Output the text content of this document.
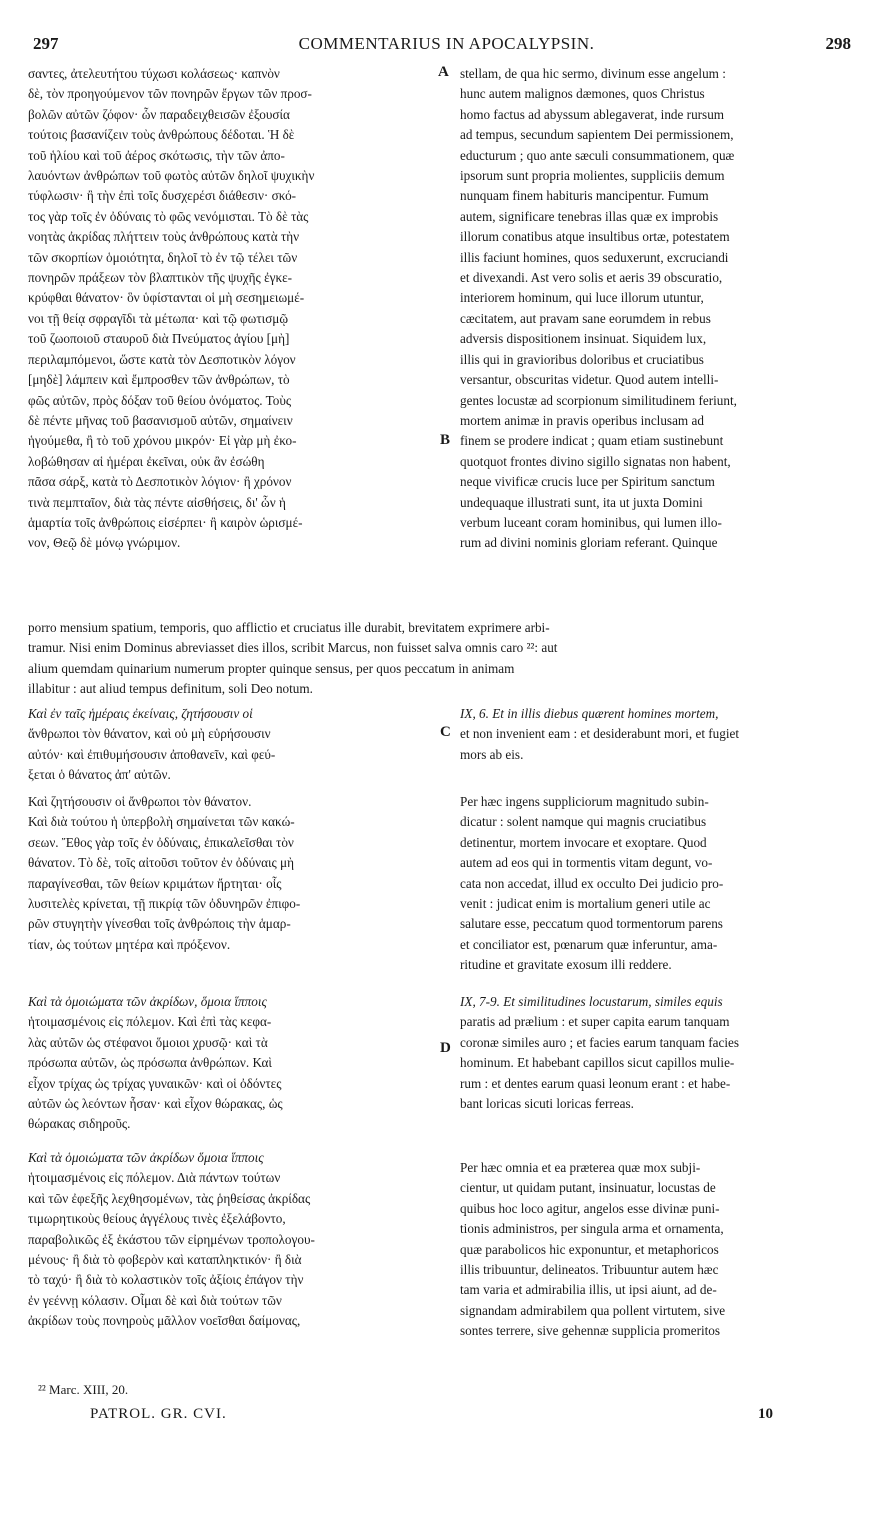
297	COMMENTARIUS IN APOCALYPSIN.	298
σαντες, ἀτελευτήτου τύχωσι κολάσεως· καπνὸν
δὲ, τὸν προηγούμενον τῶν πονηρῶν ἔργων τῶν προσ-
βολῶν αὐτῶν ζόφον· ὧν παραδειχθεισῶν ἐξουσία
τούτοις βασανίζειν τοὺς ἀνθρώπους δέδοται. Ἡ δὲ
τοῦ ἡλίου καὶ τοῦ ἀέρος σκότωσις, τὴν τῶν ἀπο-
λαυόντων ἀνθρώπων τοῦ φωτὸς αὐτῶν δηλοῖ ψυχικὴν
τύφλωσιν· ἢ τὴν ἐπὶ τοῖς δυσχερέσι διάθεσιν· σκό-
τος γὰρ τοῖς ἐν ὀδύναις τὸ φῶς νενόμισται. Τὸ δὲ τὰς
νοητὰς ἀκρίδας πλήττειν τοὺς ἀνθρώπους κατὰ τὴν
τῶν σκορπίων ὁμοιότητα, δηλοῖ τὸ ἐν τῷ τέλει τῶν
πονηρῶν πράξεων τὸν βλαπτικὸν τῆς ψυχῆς ἐγκε-
κρύφθαι θάνατον· ὃν ὑφίστανται οἱ μὴ σεσημειωμέ-
νοι τῇ θείᾳ σφραγῖδι τὰ μέτωπα· καὶ τῷ φωτισμῷ
τοῦ ζωοποιοῦ σταυροῦ διὰ Πνεύματος ἁγίου [μὴ]
περιλαμπόμενοι, ὥστε κατὰ τὸν Δεσποτικὸν λόγον
[μηδὲ] λάμπειν καὶ ἔμπροσθεν τῶν ἀνθρώπων, τὸ
φῶς αὐτῶν, πρὸς δόξαν τοῦ θείου ὀνόματος. Τοὺς
δὲ πέντε μῆνας τοῦ βασανισμοῦ αὐτῶν, σημαίνειν
ἡγούμεθα, ἢ τὸ τοῦ χρόνου μικρόν· Εἰ γὰρ μὴ ἐκο-
λοβώθησαν αἱ ἡμέραι ἐκεῖναι, οὐκ ἂν ἐσώθη
πᾶσα σάρξ, κατὰ τὸ Δεσποτικὸν λόγιον· ἢ χρόνον
τινὰ πεμπταῖον, διὰ τὰς πέντε αἰσθήσεις, δι' ὧν ἡ
ἁμαρτία τοῖς ἀνθρώποις εἰσέρπει· ἢ καιρὸν ὡρισμέ-
νον, Θεῷ δὲ μόνῳ γνώριμον.
stellam, de qua hic sermo, divinum esse angelum :
hunc autem malignos dæmones, quos Christus
homo factus ad abyssum ablegaverat, inde rursum
ad tempus, secundum sapientem Dei permissionem,
educturum ; quo ante sæculi consummationem, quæ
ipsorum sunt propria molientes, suppliciis demum
nunquam finem habituris mancipentur. Fumum
autem, significare tenebras illas quæ ex improbis
illorum conatibus atque insultibus ortæ, potestatem
illis faciunt homines, quos seduxerunt, excruciandi
et divexandi. Ast vero solis et aeris 39 obscuratio,
interiorem hominum, qui luce illorum utuntur,
cæcitatem, aut pravam sane eorumdem in rebus
adversis dispositionem insinuat. Siquidem lux,
illis qui in gravioribus doloribus et cruciatibus
versantur, obscuritas videtur. Quod autem intelli-
gentes locustæ ad scorpionum similitudinem feriunt,
mortem animæ in pravis operibus inclusam ad
finem se prodere indicat ; quam etiam sustinebunt
quotquot frontes divino sigillo signatas non habent,
neque vivificæ crucis luce per Spiritum sanctum
undequaque illustrati sunt, ita ut juxta Domini
verbum luceant coram hominibus, qui lumen illo-
rum ad divini nominis gloriam referant. Quinque
A
B
C
D
porro mensium spatium, temporis, quo afflictio et cruciatus ille durabit, brevitatem exprimere arbi-
tramur. Nisi enim Dominus abreviasset dies illos, scribit Marcus, non fuisset salva omnis caro ²²: aut
alium quemdam quinarium numerum propter quinque sensus, per quos peccatum in animam
illabitur : aut aliud tempus definitum, soli Deo notum.
Καὶ ἐν ταῖς ἡμέραις ἐκείναις, ζητήσουσιν οἱ
ἄνθρωποι τὸν θάνατον, καὶ οὐ μὴ εὑρήσουσιν
αὐτόν· καὶ ἐπιθυμήσουσιν ἀποθανεῖν, καὶ φεύ-
ξεται ὁ θάνατος ἀπ' αὐτῶν.
IX, 6. Et in illis diebus quærent homines mortem,
et non invenient eam : et desiderabunt mori, et fugiet
mors ab eis.
Καὶ ζητήσουσιν οἱ ἄνθρωποι τὸν θάνατον.
Καὶ διὰ τούτου ἡ ὑπερβολὴ σημαίνεται τῶν κακώ-
σεων. Ἔθος γὰρ τοῖς ἐν ὀδύναις, ἐπικαλεῖσθαι τὸν
θάνατον. Τὸ δὲ, τοῖς αἰτοῦσι τοῦτον ἐν ὀδύναις μὴ
παραγίνεσθαι, τῶν θείων κριμάτων ἤρτηται· οἷς
λυσιτελὲς κρίνεται, τῇ πικρίᾳ τῶν ὀδυνηρῶν ἐπιφο-
ρῶν στυγητὴν γίνεσθαι τοῖς ἀνθρώποις τὴν ἁμαρ-
τίαν, ὡς τούτων μητέρα καὶ πρόξενον.
Per hæc ingens suppliciorum magnitudo subin-
dicatur : solent namque qui magnis cruciatibus
detinentur, mortem invocare et exoptare. Quod
autem ad eos qui in tormentis vitam degunt, vo-
cata non accedat, illud ex occulto Dei judicio pro-
venit : judicat enim is mortalium generi utile ac
salutare esse, peccatum quod tormentorum parens
et conciliator est, pœnarum quæ inferuntur, ama-
ritudine et gravitate exosum illi reddere.
Καὶ τὰ ὁμοιώματα τῶν ἀκρίδων, ὅμοια ἵπποις
ἡτοιμασμένοις εἰς πόλεμον. Καὶ ἐπὶ τὰς κεφα-
λὰς αὐτῶν ὡς στέφανοι ὅμοιοι χρυσῷ· καὶ τὰ
πρόσωπα αὐτῶν, ὡς πρόσωπα ἀνθρώπων. Καὶ
εἶχον τρίχας ὡς τρίχας γυναικῶν· καὶ οἱ ὀδόντες
αὐτῶν ὡς λεόντων ἦσαν· καὶ εἶχον θώρακας, ὡς
θώρακας σιδηροῦς.
IX, 7-9. Et similitudines locustarum, similes equis
paratis ad prælium : et super capita earum tanquam
coronæ similes auro ; et facies earum tanquam facies
hominum. Et habebant capillos sicut capillos mulie-
rum : et dentes earum quasi leonum erant : et habe-
bant loricas sicuti loricas ferreas.
Καὶ τὰ ὁμοιώματα τῶν ἀκρίδων ὅμοια ἵπποις
ἡτοιμασμένοις εἰς πόλεμον. Διὰ πάντων τούτων
καὶ τῶν ἐφεξῆς λεχθησομένων, τὰς ῥηθείσας ἀκρίδας
τιμωρητικοὺς θείους ἀγγέλους τινὲς ἐξελάβοντο,
παραβολικῶς ἐξ ἑκάστου τῶν εἰρημένων τροπολογου-
μένους· ἢ διὰ τὸ φοβερὸν καὶ καταπληκτικόν· ἢ διὰ
τὸ ταχύ· ἢ διὰ τὸ κολαστικὸν τοῖς ἀξίοις ἐπάγον τὴν
ἐν γεέννῃ κόλασιν. Οἶμαι δὲ καὶ διὰ τούτων τῶν
ἀκρίδων τοὺς πονηροὺς μᾶλλον νοεῖσθαι δαίμονας,
Per hæc omnia et ea præterea quæ mox subji-
cientur, ut quidam putant, insinuatur, locustas de
quibus hoc loco agitur, angelos esse divinæ puni-
tionis administros, per singula arma et ornamenta,
quæ parabolicos hic exponuntur, et metaphoricos
illis tribuuntur, delineatos. Tribuuntur autem hæc
tam varia et admirabilia illis, ut ipsi aiunt, ad de-
signandam admirabilem qua pollent virtutem, sive
sontes terrere, sive gehennæ supplicia promeritos
²² Marc. XIII, 20.
PATROL. GR. CVI.	10
